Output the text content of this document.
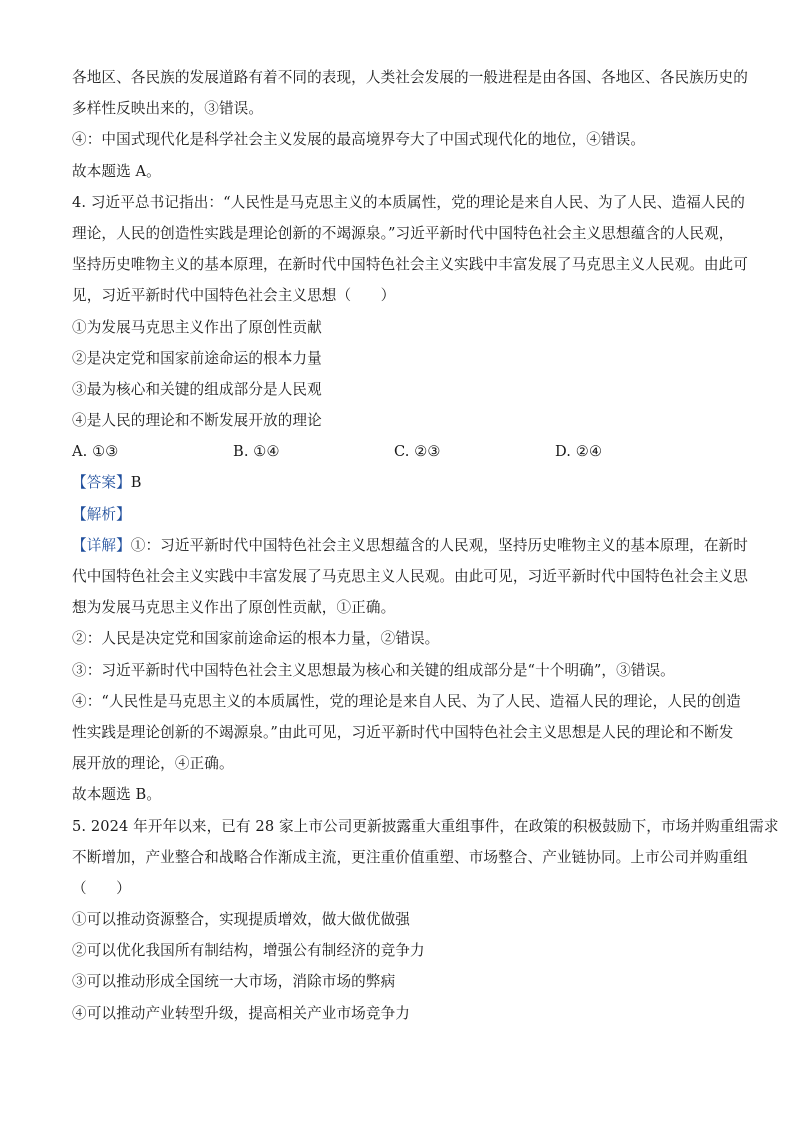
各地区、各民族的发展道路有着不同的表现，人类社会发展的一般进程是由各国、各地区、各民族历史的
多样性反映出来的，③错误。
④：中国式现代化是科学社会主义发展的最高境界夸大了中国式现代化的地位，④错误。
故本题选 A。
4. 习近平总书记指出：“人民性是马克思主义的本质属性，党的理论是来自人民、为了人民、造福人民的
理论，人民的创造性实践是理论创新的不竭源泉。”习近平新时代中国特色社会主义思想蕴含的人民观，
坚持历史唯物主义的基本原理，在新时代中国特色社会主义实践中丰富发展了马克思主义人民观。由此可
见，习近平新时代中国特色社会主义思想（　　）
①为发展马克思主义作出了原创性贡献
②是决定党和国家前途命运的根本力量
③最为核心和关键的组成部分是人民观
④是人民的理论和不断发展开放的理论
A. ①③	B. ①④	C. ②③	D. ②④
【答案】B
【解析】
【详解】①：习近平新时代中国特色社会主义思想蕴含的人民观，坚持历史唯物主义的基本原理，在新时
代中国特色社会主义实践中丰富发展了马克思主义人民观。由此可见，习近平新时代中国特色社会主义思
想为发展马克思主义作出了原创性贡献，①正确。
②：人民是决定党和国家前途命运的根本力量，②错误。
③：习近平新时代中国特色社会主义思想最为核心和关键的组成部分是“十个明确”，③错误。
④：“人民性是马克思主义的本质属性，党的理论是来自人民、为了人民、造福人民的理论，人民的创造
性实践是理论创新的不竭源泉。”由此可见，习近平新时代中国特色社会主义思想是人民的理论和不断发
展开放的理论，④正确。
故本题选 B。
5. 2024 年开年以来，已有 28 家上市公司更新披露重大重组事件，在政策的积极鼓励下，市场并购重组需求
不断增加，产业整合和战略合作渐成主流，更注重价值重塑、市场整合、产业链协同。上市公司并购重组
（　　）
①可以推动资源整合，实现提质增效，做大做优做强
②可以优化我国所有制结构，增强公有制经济的竞争力
③可以推动形成全国统一大市场，消除市场的弊病
④可以推动产业转型升级，提高相关产业市场竞争力
